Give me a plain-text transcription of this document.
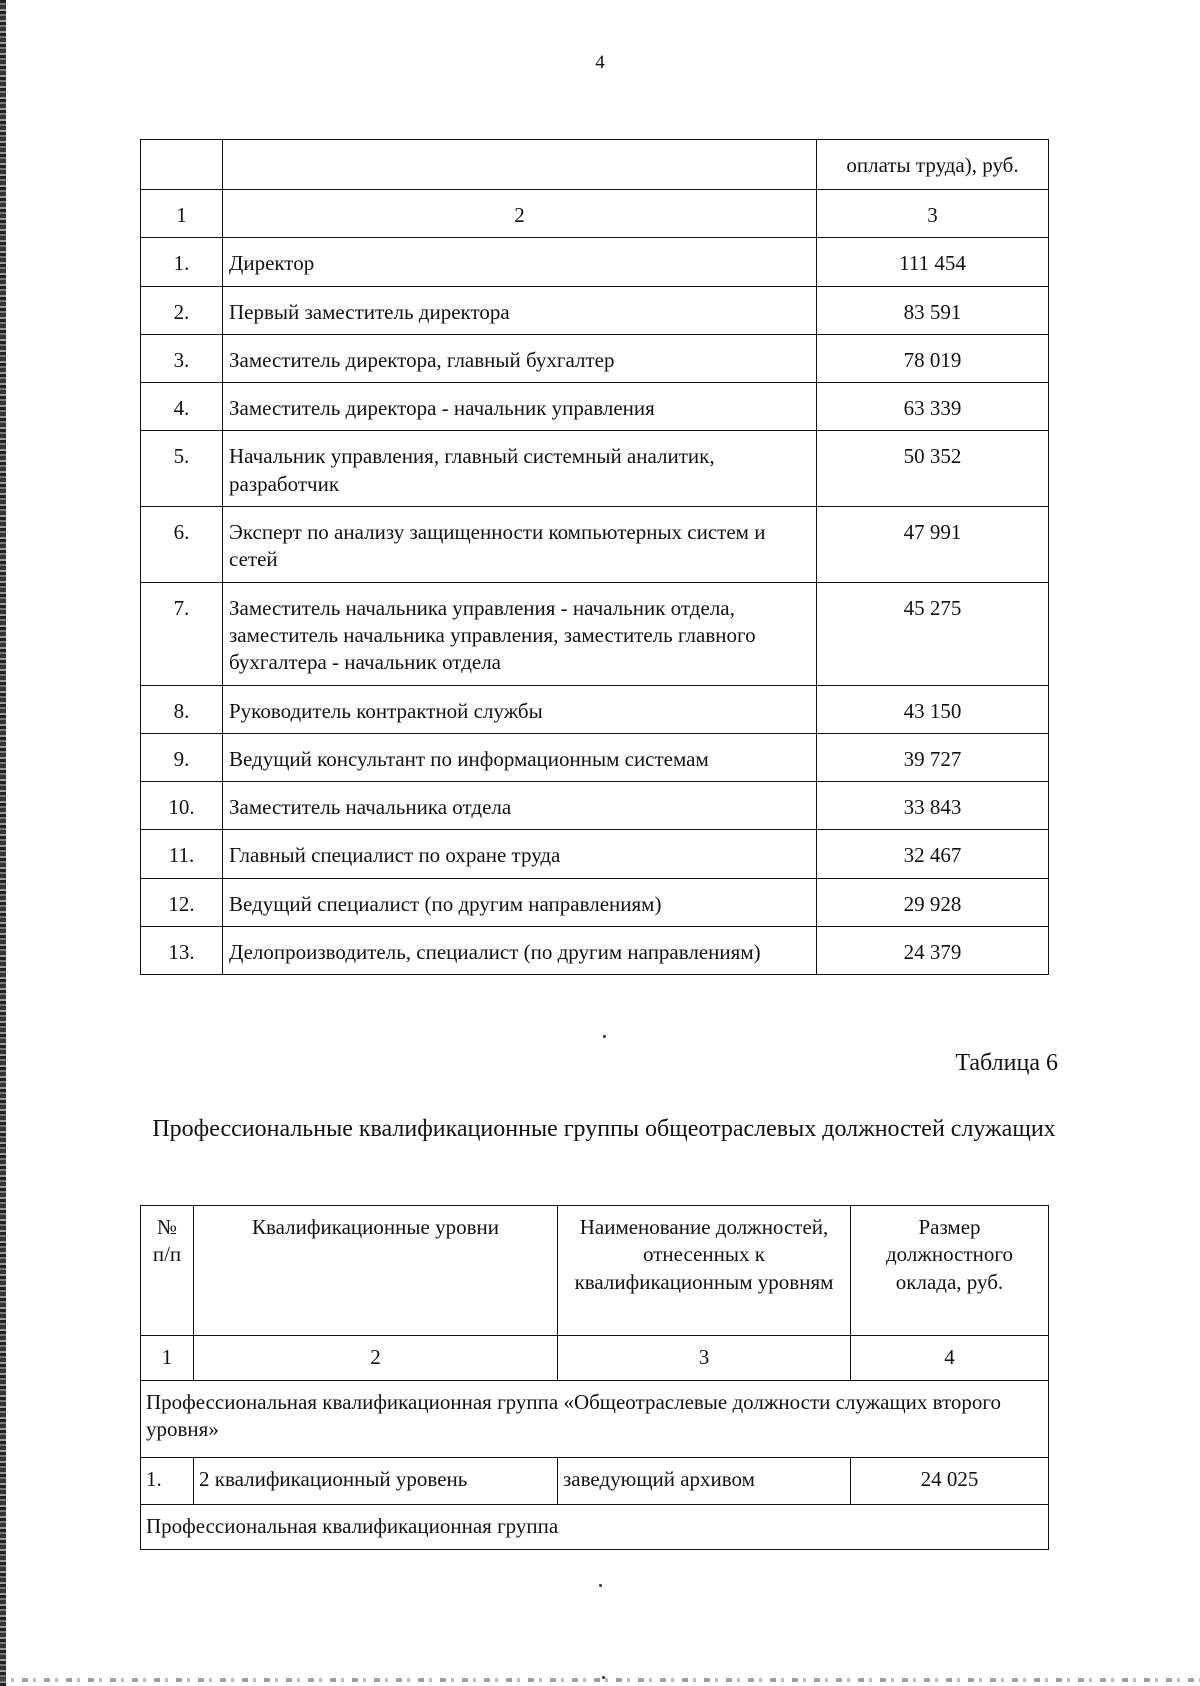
4
		оплаты труда), руб.
1	2	3
1.	Директор	111 454
2.	Первый заместитель директора	83 591
3.	Заместитель директора, главный бухгалтер	78 019
4.	Заместитель директора - начальник управления	63 339
5.	Начальник управления, главный системный аналитик, разработчик	50 352
6.	Эксперт по анализу защищенности компьютерных систем и сетей	47 991
7.	Заместитель начальника управления - начальник отдела, заместитель начальника управления, заместитель главного бухгалтера - начальник отдела	45 275
8.	Руководитель контрактной службы	43 150
9.	Ведущий консультант по информационным системам	39 727
10.	Заместитель начальника отдела	33 843
11.	Главный специалист по охране труда	32 467
12.	Ведущий специалист (по другим направлениям)	29 928
13.	Делопроизводитель, специалист (по другим направлениям)	24 379
Таблица 6
Профессиональные квалификационные группы общеотраслевых должностей служащих
№ п/п	Квалификационные уровни	Наименование должностей, отнесенных к квалификационным уровням	Размер должностного оклада, руб.
1	2	3	4
Профессиональная квалификационная группа «Общеотраслевые должности служащих второго уровня»			
1.	2 квалификационный уровень	заведующий архивом	24 025
Профессиональная квалификационная группа			
